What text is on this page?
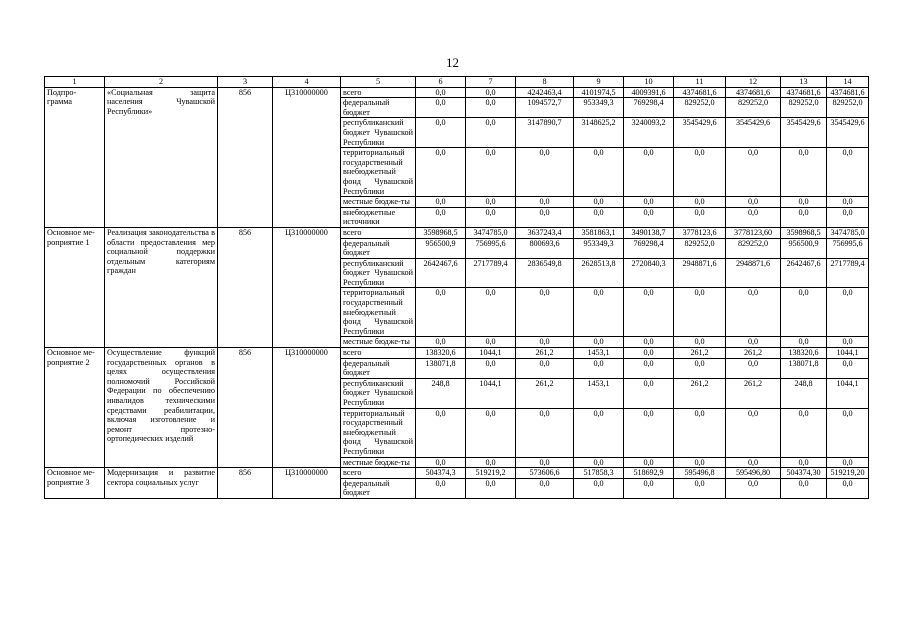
12
1	2	3	4	5	6	7	8	9	10	11	12	13	14
Подпро-
грамма	«Социальная защита населения Чувашской Республики»	856	Ц310000000	всего	0,0	0,0	4242463,4	4101974,5	4009391,6	4374681,6	4374681,6	4374681,6	4374681,6
				федеральный бюджет	0,0	0,0	1094572,7	953349,3	769298,4	829252,0	829252,0	829252,0	829252,0
				республиканский бюджет Чувашской Республики	0,0	0,0	3147890,7	3148625,2	3240093,2	3545429,6	3545429,6	3545429,6	3545429,6
				территориальный государственный внебюджетный фонд Чувашской Республики	0,0	0,0	0,0	0,0	0,0	0,0	0,0	0,0	0,0
				местные бюдже-ты	0,0	0,0	0,0	0,0	0,0	0,0	0,0	0,0	0,0
				внебюджетные источники	0,0	0,0	0,0	0,0	0,0	0,0	0,0	0,0	0,0
Основное ме-
роприятие 1	Реализация законодательства в области предоставления мер социальной поддержки отдельным категориям граждан	856	Ц310000000	всего	3598968,5	3474785,0	3637243,4	3581863,1	3490138,7	3778123,6	3778123,60	3598968,5	3474785,0
				федеральный бюджет	956500,9	756995,6	800693,6	953349,3	769298,4	829252,0	829252,0	956500,9	756995,6
				республиканский бюджет Чувашской Республики	2642467,6	2717789,4	2836549,8	2628513,8	2720840,3	2948871,6	2948871,6	2642467,6	2717789,4
				территориальный государственный внебюджетный фонд Чувашской Республики	0,0	0,0	0,0	0,0	0,0	0,0	0,0	0,0	0,0
				местные бюдже-ты	0,0	0,0	0,0	0,0	0,0	0,0	0,0	0,0	0,0
Основное ме-
роприятие 2	Осуществление функций государственных органов в целях осуществления полномочий Российской Федерации по обеспечению инвалидов техническими средствами реабилитации, включая изготовление и ремонт протезно-ортопедических изделий	856	Ц310000000	всего	138320,6	1044,1	261,2	1453,1	0,0	261,2	261,2	138320,6	1044,1
				федеральный бюджет	138071,8	0,0	0,0	0,0	0,0	0,0	0,0	138071,8	0,0
				республиканский бюджет Чувашской Республики	248,8	1044,1	261,2	1453,1	0,0	261,2	261,2	248,8	1044,1
				территориальный государственный внебюджетный фонд Чувашской Республики	0,0	0,0	0,0	0,0	0,0	0,0	0,0	0,0	0,0
				местные бюдже-ты	0,0	0,0	0,0	0,0	0,0	0,0	0,0	0,0	0,0
Основное ме-
роприятие 3	Модернизация и развитие сектора социальных услуг	856	Ц310000000	всего	504374,3	519219,2	573606,6	517858,3	518692,9	595496,8	595496,80	504374,30	519219,20
				федеральный бюджет	0,0	0,0	0,0	0,0	0,0	0,0	0,0	0,0	0,0
